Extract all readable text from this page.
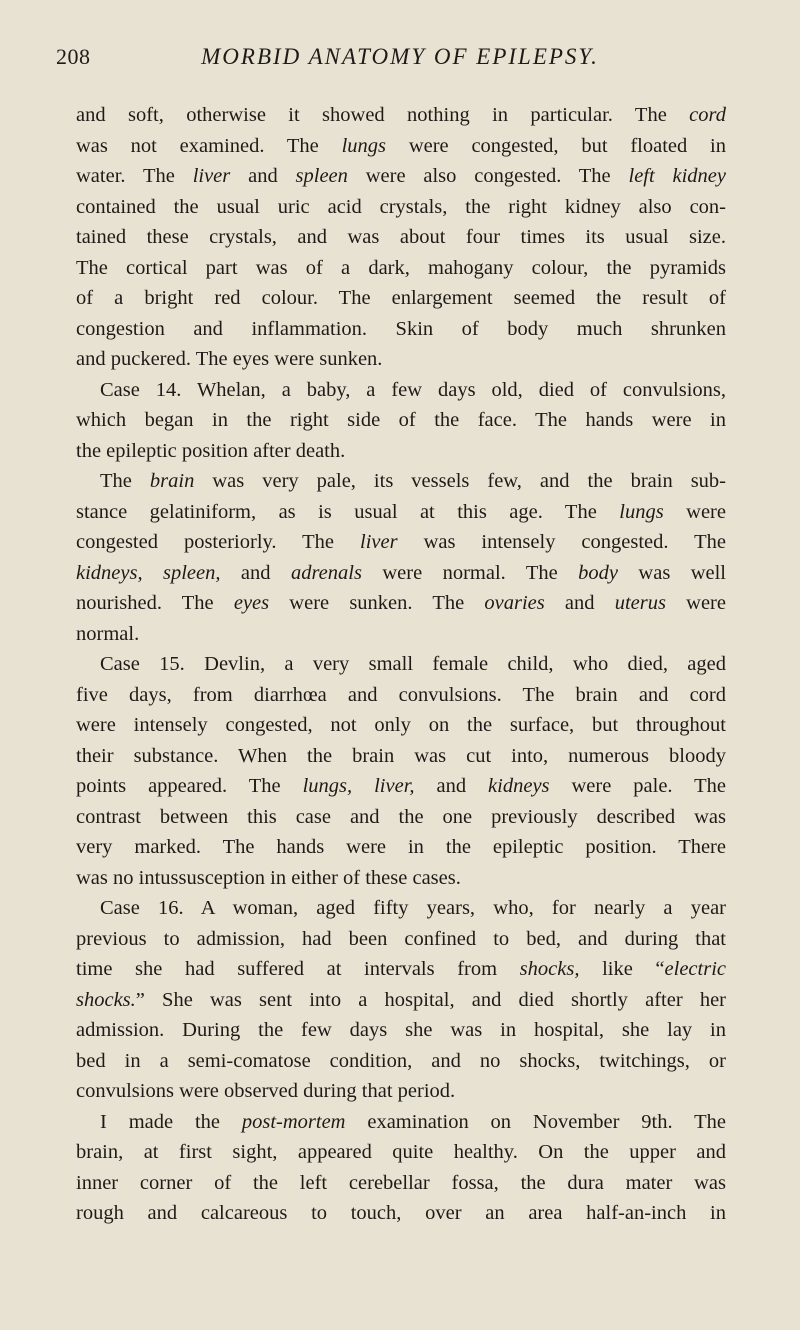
208	MORBID ANATOMY OF EPILEPSY.
and soft, otherwise it showed nothing in particular. The cord
was not examined. The lungs were congested, but floated in
water. The liver and spleen were also congested. The left kidney
contained the usual uric acid crystals, the right kidney also con-
tained these crystals, and was about four times its usual size.
The cortical part was of a dark, mahogany colour, the pyramids
of a bright red colour. The enlargement seemed the result of
congestion and inflammation. Skin of body much shrunken
and puckered. The eyes were sunken.
Case 14. Whelan, a baby, a few days old, died of convulsions,
which began in the right side of the face. The hands were in
the epileptic position after death.
The brain was very pale, its vessels few, and the brain sub-
stance gelatiniform, as is usual at this age. The lungs were
congested posteriorly. The liver was intensely congested. The
kidneys, spleen, and adrenals were normal. The body was well
nourished. The eyes were sunken. The ovaries and uterus were
normal.
Case 15. Devlin, a very small female child, who died, aged
five days, from diarrhœa and convulsions. The brain and cord
were intensely congested, not only on the surface, but throughout
their substance. When the brain was cut into, numerous bloody
points appeared. The lungs, liver, and kidneys were pale. The
contrast between this case and the one previously described was
very marked. The hands were in the epileptic position. There
was no intussusception in either of these cases.
Case 16. A woman, aged fifty years, who, for nearly a year
previous to admission, had been confined to bed, and during that
time she had suffered at intervals from shocks, like “electric
shocks.” She was sent into a hospital, and died shortly after her
admission. During the few days she was in hospital, she lay in
bed in a semi-comatose condition, and no shocks, twitchings, or
convulsions were observed during that period.
I made the post-mortem examination on November 9th. The
brain, at first sight, appeared quite healthy. On the upper and
inner corner of the left cerebellar fossa, the dura mater was
rough and calcareous to touch, over an area half-an-inch in
